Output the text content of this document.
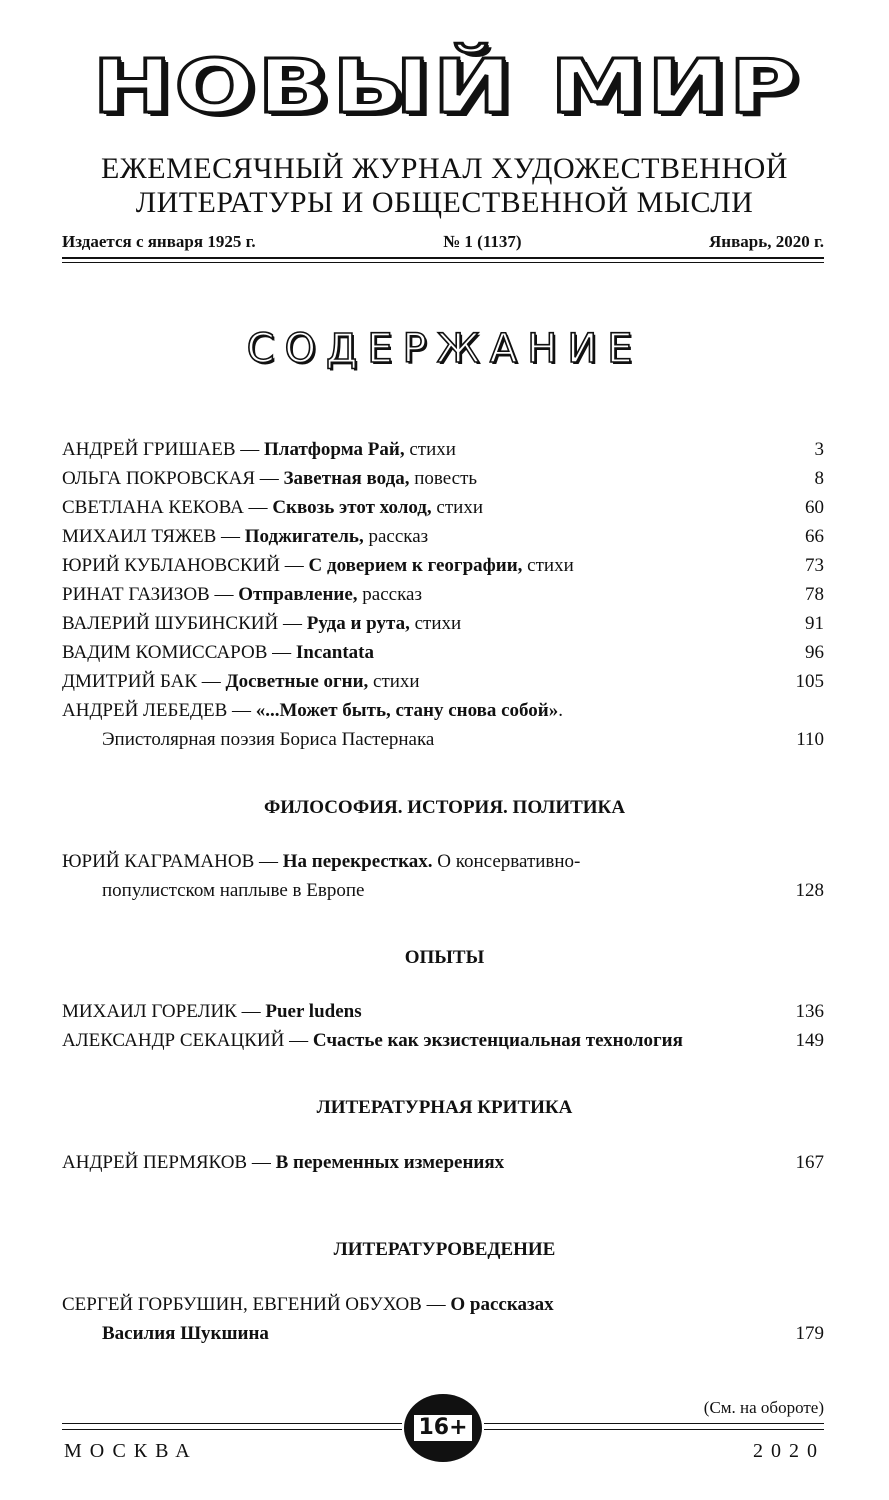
НОВЫЙ МИР
ЕЖЕМЕСЯЧНЫЙ ЖУРНАЛ ХУДОЖЕСТВЕННОЙ
ЛИТЕРАТУРЫ И ОБЩЕСТВЕННОЙ МЫСЛИ
Издается с января 1925 г.	№ 1 (1137)	Январь, 2020 г.
СОДЕРЖАНИЕ
АНДРЕЙ ГРИШАЕВ — Платформа Рай, стихи	3
ОЛЬГА ПОКРОВСКАЯ — Заветная вода, повесть	8
СВЕТЛАНА КЕКОВА — Сквозь этот холод, стихи	60
МИХАИЛ ТЯЖЕВ — Поджигатель, рассказ	66
ЮРИЙ КУБЛАНОВСКИЙ — С доверием к географии, стихи	73
РИНАТ ГАЗИЗОВ — Отправление, рассказ	78
ВАЛЕРИЙ ШУБИНСКИЙ — Руда и рута, стихи	91
ВАДИМ КОМИССАРОВ — Incantata	96
ДМИТРИЙ БАК — Досветные огни, стихи	105
АНДРЕЙ ЛЕБЕДЕВ — «...Может быть, стану снова собой».
Эпистолярная поэзия Бориса Пастернака	110
ФИЛОСОФИЯ. ИСТОРИЯ. ПОЛИТИКА
ЮРИЙ КАГРАМАНОВ — На перекрестках. О консервативно-
популистском наплыве в Европе	128
ОПЫТЫ
МИХАИЛ ГОРЕЛИК — Puer ludens	136
АЛЕКСАНДР СЕКАЦКИЙ — Счастье как экзистенциальная технология	149
ЛИТЕРАТУРНАЯ КРИТИКА
АНДРЕЙ ПЕРМЯКОВ — В переменных измерениях	167
ЛИТЕРАТУРОВЕДЕНИЕ
СЕРГЕЙ ГОРБУШИН, ЕВГЕНИЙ ОБУХОВ — О рассказах
Василия Шукшина	179
(См. на обороте)
16+
МОСКВА	2020
